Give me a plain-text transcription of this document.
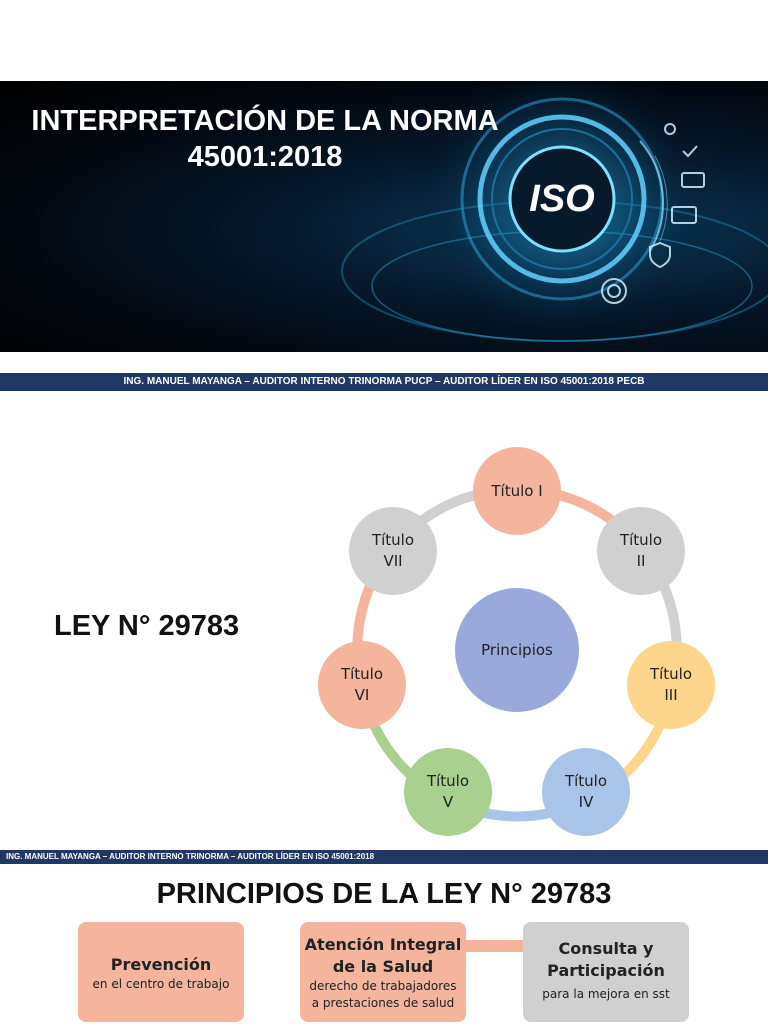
ISO
INTERPRETACIÓN DE LA NORMA
45001:2018
ING. MANUEL MAYANGA – AUDITOR INTERNO TRINORMA PUCP – AUDITOR LÍDER EN ISO 45001:2018 PECB
LEY N° 29783
Principios
Título I
Título
II
Título
III
Título
IV
Título
V
Título
VI
Título
VII
ING. MANUEL MAYANGA – AUDITOR INTERNO TRINORMA – AUDITOR LÍDER EN ISO 45001:2018
PRINCIPIOS DE LA LEY N° 29783
Prevención
en el centro de trabajo
Atención Integral
de la Salud
derecho de trabajadores
a prestaciones de salud
Consulta y
Participación
para la mejora en sst
